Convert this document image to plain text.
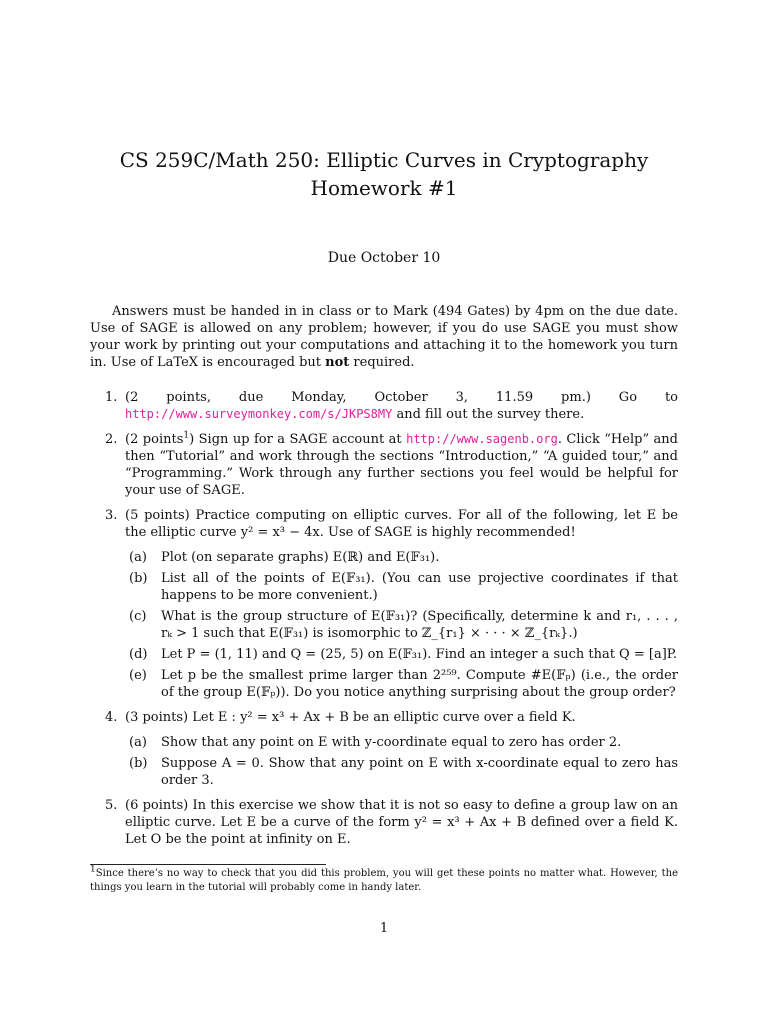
CS 259C/Math 250: Elliptic Curves in Cryptography
Homework #1
Due October 10

Answers must be handed in in class or to Mark (494 Gates) by 4pm on the due date. Use of SAGE is allowed on any problem; however, if you do use SAGE you must show your work by printing out your computations and attaching it to the homework you turn in. Use of LaTeX is encouraged but not required.

1. (2 points, due Monday, October 3, 11.59 pm.) Go to http://www.surveymonkey.com/s/JKPS8MY and fill out the survey there.
2. (2 points$^1$) Sign up for a SAGE account at http://www.sagenb.org. Click “Help” and then “Tutorial” and work through the sections “Introduction,” “A guided tour,” and “Programming.” Work through any further sections you feel would be helpful for your use of SAGE.
3. (5 points) Practice computing on elliptic curves. For all of the following, let E be the elliptic curve y² = x³ − 4x. Use of SAGE is highly recommended!
(a) Plot (on separate graphs) E(ℝ) and E(𝔽₃₁).
(b) List all of the points of E(𝔽₃₁). (You can use projective coordinates if that happens to be more convenient.)
(c) What is the group structure of E(𝔽₃₁)? (Specifically, determine k and r₁, . . . , rₖ > 1 such that E(𝔽₃₁) is isomorphic to ℤ_{r₁} × · · · × ℤ_{rₖ}.)
(d) Let P = (1, 11) and Q = (25, 5) on E(𝔽₃₁). Find an integer a such that Q = [a]P.
(e) Let p be the smallest prime larger than 2²⁵⁹. Compute #E(𝔽ₚ) (i.e., the order of the group E(𝔽ₚ)). Do you notice anything surprising about the group order?
4. (3 points) Let E : y² = x³ + Ax + B be an elliptic curve over a field K.
(a) Show that any point on E with y-coordinate equal to zero has order 2.
(b) Suppose A = 0. Show that any point on E with x-coordinate equal to zero has order 3.
5. (6 points) In this exercise we show that it is not so easy to define a group law on an elliptic curve. Let E be a curve of the form y² = x³ + Ax + B defined over a field K. Let O be the point at infinity on E.
$^1$Since there’s no way to check that you did this problem, you will get these points no matter what. However, the things you learn in the tutorial will probably come in handy later.
1
